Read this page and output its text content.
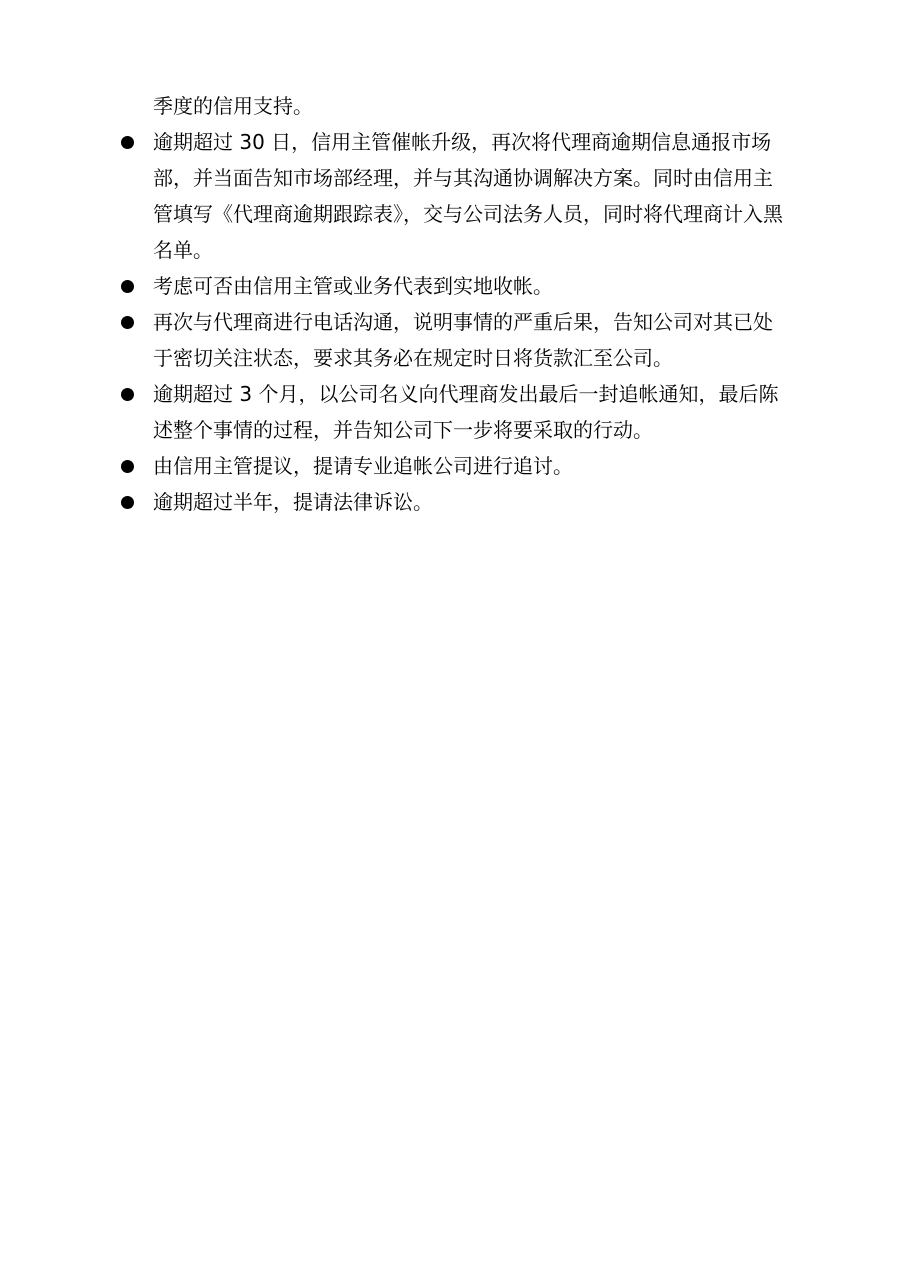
季度的信用支持。
逾期超过 30 日，信用主管催帐升级，再次将代理商逾期信息通报市场
部，并当面告知市场部经理，并与其沟通协调解决方案。同时由信用主
管填写《代理商逾期跟踪表》，交与公司法务人员，同时将代理商计入黑
名单。
考虑可否由信用主管或业务代表到实地收帐。
再次与代理商进行电话沟通，说明事情的严重后果，告知公司对其已处
于密切关注状态，要求其务必在规定时日将货款汇至公司。
逾期超过 3 个月，以公司名义向代理商发出最后一封追帐通知，最后陈
述整个事情的过程，并告知公司下一步将要采取的行动。
由信用主管提议，提请专业追帐公司进行追讨。
逾期超过半年，提请法律诉讼。
